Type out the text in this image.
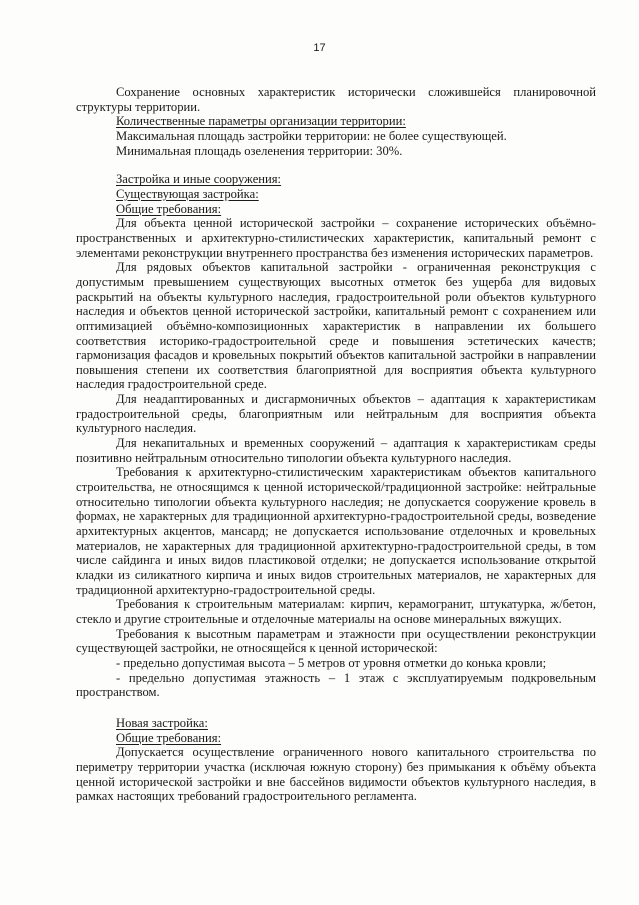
17

Сохранение основных характеристик исторически сложившейся планировочной структуры территории.

Количественные параметры организации территории:

Максимальная площадь застройки территории: не более существующей.

Минимальная площадь озеленения территории: 30%.

Застройка и иные сооружения:

Существующая застройка:

Общие требования:

Для объекта ценной исторической застройки – сохранение исторических объёмно-пространственных и архитектурно-стилистических характеристик, капитальный ремонт с элементами реконструкции внутреннего пространства без изменения исторических параметров.

Для рядовых объектов капитальной застройки - ограниченная реконструкция с допустимым превышением существующих высотных отметок без ущерба для видовых раскрытий на объекты культурного наследия, градостроительной роли объектов культурного наследия и объектов ценной исторической застройки, капитальный ремонт с сохранением или оптимизацией объёмно-композиционных характеристик в направлении их большего соответствия историко-градостроительной среде и повышения эстетических качеств; гармонизация фасадов и кровельных покрытий объектов капитальной застройки в направлении повышения степени их соответствия благоприятной для восприятия объекта культурного наследия градостроительной среде.

Для неадаптированных и дисгармоничных объектов – адаптация к характеристикам градостроительной среды, благоприятным или нейтральным для восприятия объекта культурного наследия.

Для некапитальных и временных сооружений – адаптация к характеристикам среды позитивно нейтральным относительно типологии объекта культурного наследия.

Требования к архитектурно-стилистическим характеристикам объектов капитального строительства, не относящимся к ценной исторической/традиционной застройке: нейтральные относительно типологии объекта культурного наследия; не допускается сооружение кровель в формах, не характерных для традиционной архитектурно-градостроительной среды, возведение архитектурных акцентов, мансард; не допускается использование отделочных и кровельных материалов, не характерных для традиционной архитектурно-градостроительной среды, в том числе сайдинга и иных видов пластиковой отделки; не допускается использование открытой кладки из силикатного кирпича и иных видов строительных материалов, не характерных для традиционной архитектурно-градостроительной среды.

Требования к строительным материалам: кирпич, керамогранит, штукатурка, ж/бетон, стекло и другие строительные и отделочные материалы на основе минеральных вяжущих.

Требования к высотным параметрам и этажности при осуществлении реконструкции существующей застройки, не относящейся к ценной исторической:

- предельно допустимая высота – 5 метров от уровня отметки до конька кровли;

- предельно допустимая этажность – 1 этаж с эксплуатируемым подкровельным пространством.

Новая застройка:

Общие требования:

Допускается осуществление ограниченного нового капитального строительства по периметру территории участка (исключая южную сторону) без примыкания к объёму объекта ценной исторической застройки и вне бассейнов видимости объектов культурного наследия, в рамках настоящих требований градостроительного регламента.
